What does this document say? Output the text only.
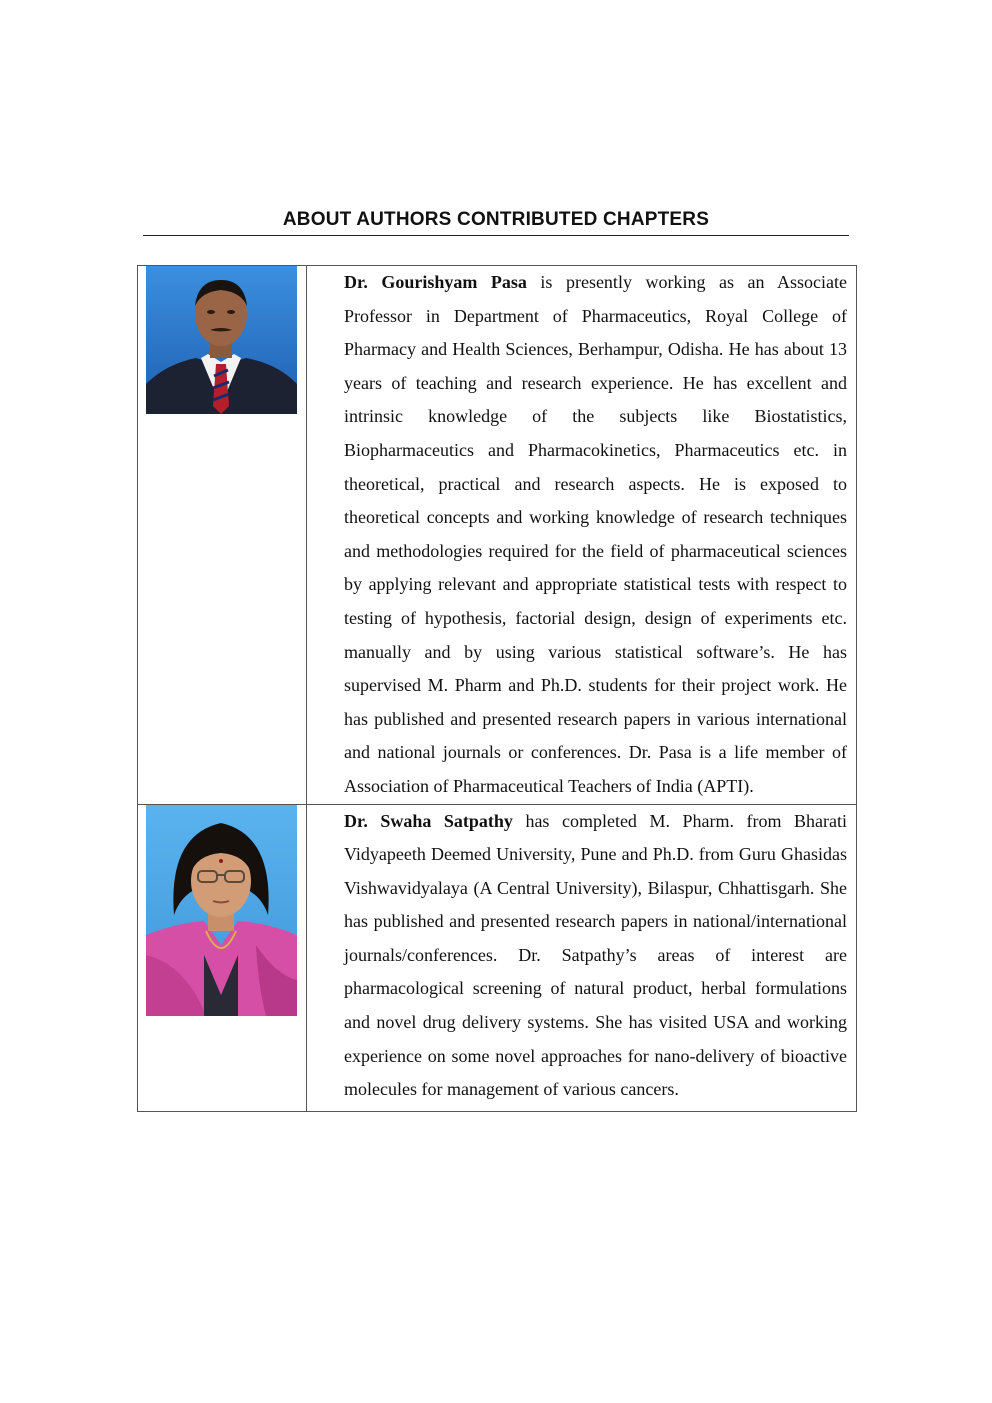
ABOUT AUTHORS CONTRIBUTED CHAPTERS

Dr. Gourishyam Pasa is presently working as an Associate Professor in Department of Pharmaceutics, Royal College of Pharmacy and Health Sciences, Berhampur, Odisha. He has about 13 years of teaching and research experience. He has excellent and intrinsic knowledge of the subjects like Biostatistics, Biopharmaceutics and Pharmacokinetics, Pharmaceutics etc. in theoretical, practical and research aspects. He is exposed to theoretical concepts and working knowledge of research techniques and methodologies required for the field of pharmaceutical sciences by applying relevant and appropriate statistical tests with respect to testing of hypothesis, factorial design, design of experiments etc. manually and by using various statistical software’s. He has supervised M. Pharm and Ph.D. students for their project work. He has published and presented research papers in various international and national journals or conferences. Dr. Pasa is a life member of Association of Pharmaceutical Teachers of India (APTI).

Dr. Swaha Satpathy has completed M. Pharm. from Bharati Vidyapeeth Deemed University, Pune and Ph.D. from Guru Ghasidas Vishwavidyalaya (A Central University), Bilaspur, Chhattisgarh. She has published and presented research papers in national/international journals/conferences. Dr. Satpathy’s areas of interest are pharmacological screening of natural product, herbal formulations and novel drug delivery systems. She has visited USA and working experience on some novel approaches for nano-delivery of bioactive molecules for management of various cancers.
